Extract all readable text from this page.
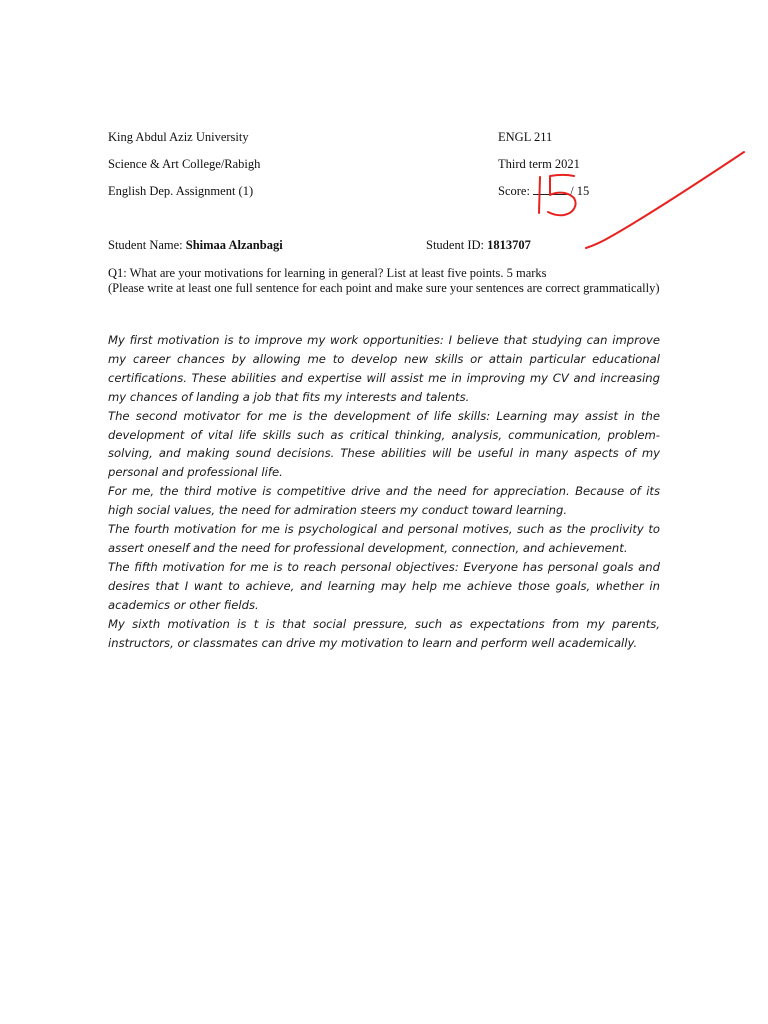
King Abdul Aziz University	ENGL 211
Science & Art College/Rabigh	Third term 2021
English Dep. Assignment (1)	Score:	/ 15
Student Name: Shimaa Alzanbagi	Student ID: 1813707
Q1: What are your motivations for learning in general? List at least five points. 5 marks
(Please write at least one full sentence for each point and make sure your sentences are correct grammatically)

My first motivation is to improve my work opportunities: I believe that studying can improve my career chances by allowing me to develop new skills or attain particular educational certifications. These abilities and expertise will assist me in improving my CV and increasing my chances of landing a job that fits my interests and talents.

The second motivator for me is the development of life skills: Learning may assist in the development of vital life skills such as critical thinking, analysis, communication, problem-solving, and making sound decisions. These abilities will be useful in many aspects of my personal and professional life.

For me, the third motive is competitive drive and the need for appreciation. Because of its high social values, the need for admiration steers my conduct toward learning.

The fourth motivation for me is psychological and personal motives, such as the proclivity to assert oneself and the need for professional development, connection, and achievement.

The fifth motivation for me is to reach personal objectives: Everyone has personal goals and desires that I want to achieve, and learning may help me achieve those goals, whether in academics or other fields.

My sixth motivation is t is that social pressure, such as expectations from my parents, instructors, or classmates can drive my motivation to learn and perform well academically.
